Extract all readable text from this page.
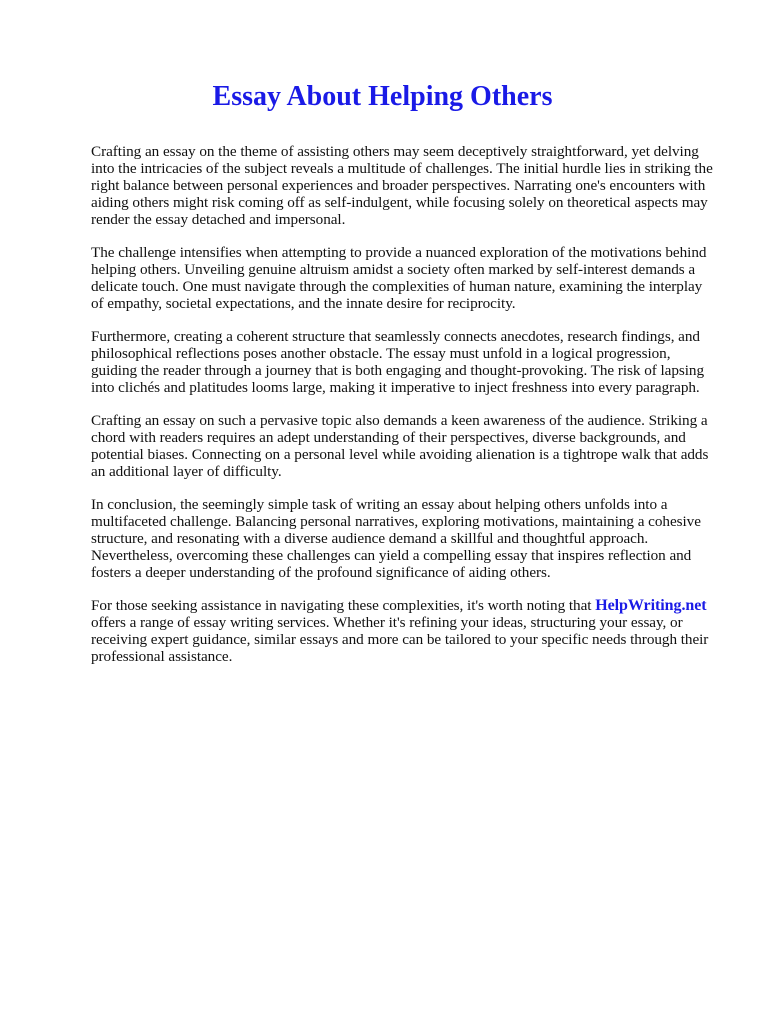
Essay About Helping Others

Crafting an essay on the theme of assisting others may seem deceptively straightforward, yet delving into the intricacies of the subject reveals a multitude of challenges. The initial hurdle lies in striking the right balance between personal experiences and broader perspectives. Narrating one's encounters with aiding others might risk coming off as self-indulgent, while focusing solely on theoretical aspects may render the essay detached and impersonal.

The challenge intensifies when attempting to provide a nuanced exploration of the motivations behind helping others. Unveiling genuine altruism amidst a society often marked by self-interest demands a delicate touch. One must navigate through the complexities of human nature, examining the interplay of empathy, societal expectations, and the innate desire for reciprocity.

Furthermore, creating a coherent structure that seamlessly connects anecdotes, research findings, and philosophical reflections poses another obstacle. The essay must unfold in a logical progression, guiding the reader through a journey that is both engaging and thought-provoking. The risk of lapsing into clichés and platitudes looms large, making it imperative to inject freshness into every paragraph.

Crafting an essay on such a pervasive topic also demands a keen awareness of the audience. Striking a chord with readers requires an adept understanding of their perspectives, diverse backgrounds, and potential biases. Connecting on a personal level while avoiding alienation is a tightrope walk that adds an additional layer of difficulty.

In conclusion, the seemingly simple task of writing an essay about helping others unfolds into a multifaceted challenge. Balancing personal narratives, exploring motivations, maintaining a cohesive structure, and resonating with a diverse audience demand a skillful and thoughtful approach. Nevertheless, overcoming these challenges can yield a compelling essay that inspires reflection and fosters a deeper understanding of the profound significance of aiding others.

For those seeking assistance in navigating these complexities, it's worth noting that HelpWriting.net offers a range of essay writing services. Whether it's refining your ideas, structuring your essay, or receiving expert guidance, similar essays and more can be tailored to your specific needs through their professional assistance.
